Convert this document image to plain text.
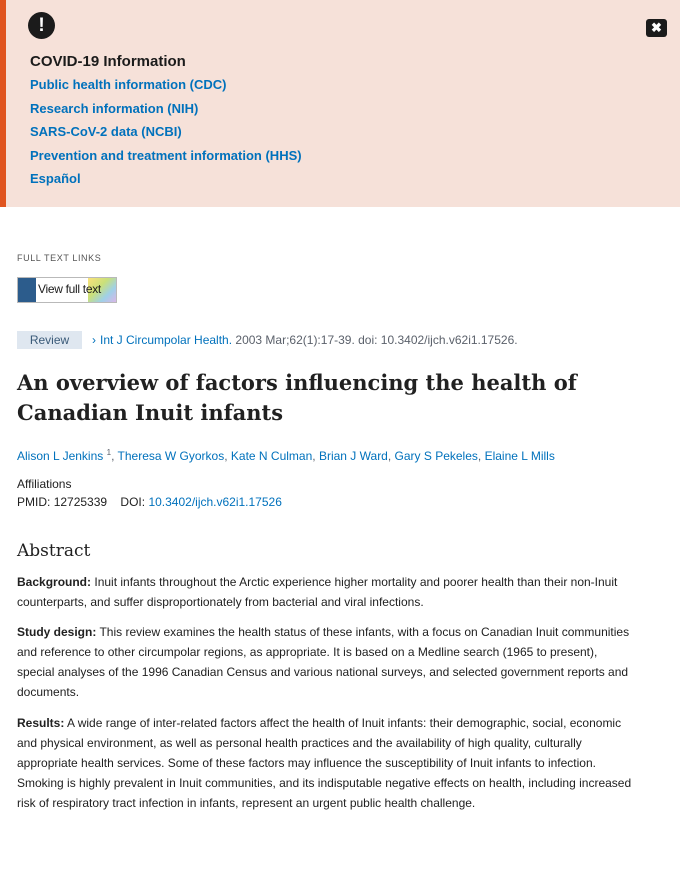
!	✖
COVID-19 Information
Public health information (CDC)
Research information (NIH)
SARS-CoV-2 data (NCBI)
Prevention and treatment information (HHS)
Español
FULL TEXT LINKS
View full text
Review	› Int J Circumpolar Health. 2003 Mar;62(1):17-39. doi: 10.3402/ijch.v62i1.17526.
An overview of factors influencing the health of Canadian Inuit infants
Alison L Jenkins $^1$, Theresa W Gyorkos, Kate N Culman, Brian J Ward, Gary S Pekeles, Elaine L Mills
Affiliations
PMID: 12725339 DOI: 10.3402/ijch.v62i1.17526
Abstract

Background: Inuit infants throughout the Arctic experience higher mortality and poorer health than their non-Inuit counterparts, and suffer disproportionately from bacterial and viral infections.

Study design: This review examines the health status of these infants, with a focus on Canadian Inuit communities and reference to other circumpolar regions, as appropriate. It is based on a Medline search (1965 to present), special analyses of the 1996 Canadian Census and various national surveys, and selected government reports and documents.

Results: A wide range of inter-related factors affect the health of Inuit infants: their demographic, social, economic and physical environment, as well as personal health practices and the availability of high quality, culturally appropriate health services. Some of these factors may influence the susceptibility of Inuit infants to infection. Smoking is highly prevalent in Inuit communities, and its indisputable negative effects on health, including increased risk of respiratory tract infection in infants, represent an urgent public health challenge.
